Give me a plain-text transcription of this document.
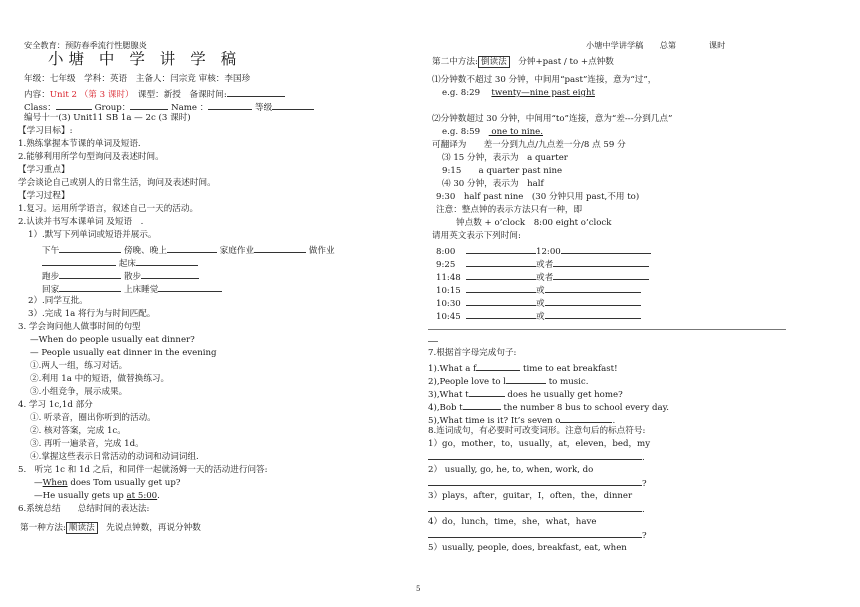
安全教育：预防春季流行性腮腺炎
小塘 中 学 讲 学 稿
年级：七年级　学科：英语　主备人：闫宗竞 审核：李国珍
内容：Unit 2 （第 3 课时）　 课型：新授　备课时间:
Class：	Group：	Name ：	等级
编号十一(3) Unit11 SB 1a — 2c (3 课时)
【学习目标】:
1.熟练掌握本节课的单词及短语.
2.能够利用所学句型询问及表述时间。
【学习重点】
学会谈论自己或别人的日常生活，询问及表述时间。
【学习过程】
1.复习。运用所学语言，叙述自己一天的活动。
2.认读并书写本课单词 及短语　.
1）.默写下列单词或短语并展示。
下午	傍晚、晚上	家庭作业	做作业
起床
跑步	散步
回家	上床睡觉
2）.同学互批。
3）.完成 1a 将行为与时间匹配。
3. 学会询问他人做事时间的句型
—When do people usually eat dinner?
— People usually eat dinner in the evening
①.两人一组，练习对话。
②.利用 1a 中的短语，做替换练习。
③.小组竞争，展示成果。
4. 学习 1c,1d 部分
①. 听录音，圈出你听到的活动。
②. 核对答案，完成 1c。
③. 再听一遍录音，完成 1d。
④.掌握这些表示日常活动的动词和动词词组.
5.　听完 1c 和 1d 之后，和同伴一起就汤姆一天的活动进行问答:
—When does Tom usually get up?
—He usually gets up at 5:00.
6.系统总结　　总结时间的表达法:
第一种方法: 顺读法　 先说点钟数，再说分钟数
小塘中学讲学稿　　 总第　　　　	课时
第二中方法: 倒读法　 分钟+past / to +点钟数
⑴分钟数不超过 30 分钟，中间用“past”连接，意为“过”，
e.g. 8:29　 twenty—nine past eight
⑵分钟数超过 30 分钟，中间用“to”连接，意为“差---分到几点”
e.g. 8:59　 one to nine.
可翻译为　　差一分到九点/九点差一分/8 点 59 分
⑶ 15 分钟，表示为　a quarter
9:15　　a quarter past nine
⑷ 30 分钟，表示为　half
9:30　half past nine　(30 分钟只用 past,不用 to)
注意：整点钟的表示方法只有一种，即
钟点数 + o’clock　8:00 eight o’clock
请用英文表示下列时间:
8:00	12:00
9:25	或者
11:48	或者
10:15	或
10:30	或
10:45	或
7.根据首字母完成句子:
1).What a f	time to eat breakfast!
2),People love to l	to music.
3),What t	does he usually get home?
4),Bob t	the number 8 bus to school every day.
5),What time is it? It’s seven o	.
8.连词成句，有必要时可改变词形。注意句后的标点符号:
1）go，mother，to，usually，at，eleven，bed，my
.
2） usually, go, he, to, when, work, do
?
3）plays，after，guitar，I，often，the，dinner
.
4）do，lunch，time，she，what，have
?
5）usually, people, does, breakfast, eat, when
5
